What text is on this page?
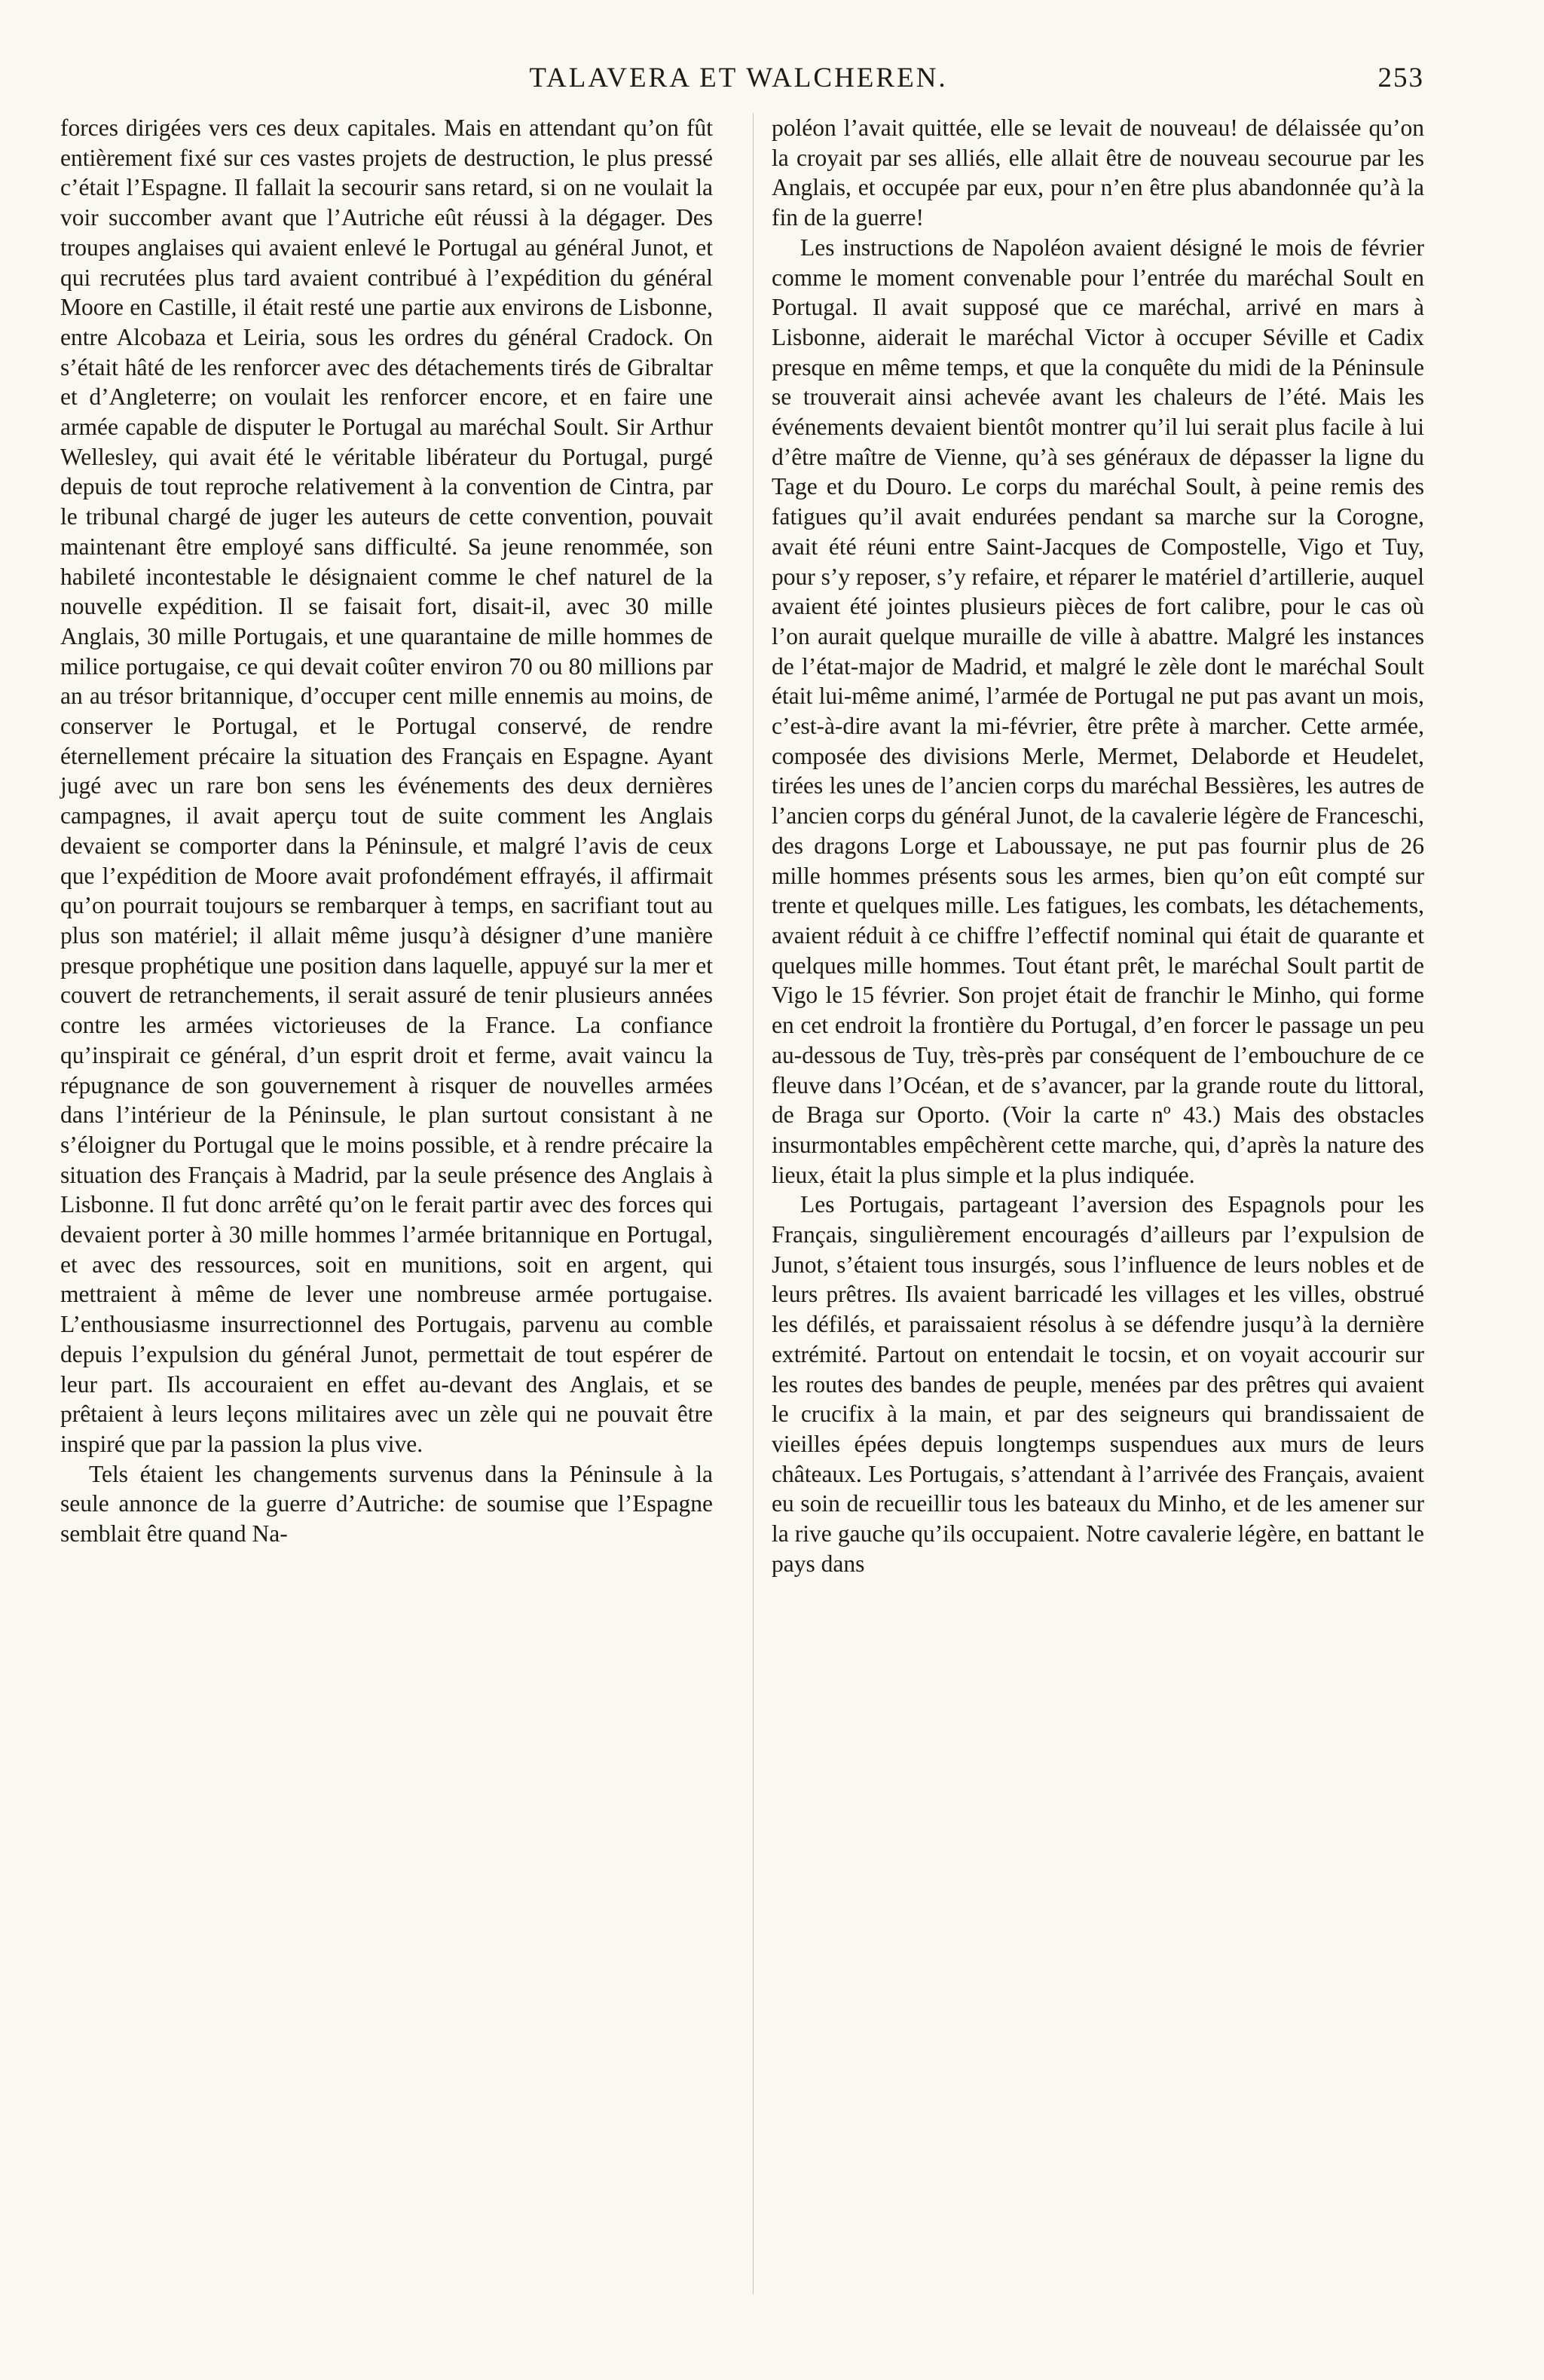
TALAVERA ET WALCHEREN.	253

forces dirigées vers ces deux capitales. Mais en attendant qu’on fût entièrement fixé sur ces vastes projets de destruction, le plus pressé c’était l’Espagne. Il fallait la secourir sans retard, si on ne voulait la voir succomber avant que l’Autriche eût réussi à la dégager. Des troupes anglaises qui avaient enlevé le Portugal au général Junot, et qui recrutées plus tard avaient contribué à l’expédition du général Moore en Castille, il était resté une partie aux environs de Lisbonne, entre Alcobaza et Leiria, sous les ordres du général Cradock. On s’était hâté de les renforcer avec des détachements tirés de Gibraltar et d’Angleterre; on voulait les renforcer encore, et en faire une armée capable de disputer le Portugal au maréchal Soult. Sir Arthur Wellesley, qui avait été le véritable libérateur du Portugal, purgé depuis de tout reproche relativement à la convention de Cintra, par le tribunal chargé de juger les auteurs de cette convention, pouvait maintenant être employé sans difficulté. Sa jeune renommée, son habileté incontestable le désignaient comme le chef naturel de la nouvelle expédition. Il se faisait fort, disait-il, avec 30 mille Anglais, 30 mille Portugais, et une quarantaine de mille hommes de milice portugaise, ce qui devait coûter environ 70 ou 80 millions par an au trésor britannique, d’occuper cent mille ennemis au moins, de conserver le Portugal, et le Portugal conservé, de rendre éternellement précaire la situation des Français en Espagne. Ayant jugé avec un rare bon sens les événements des deux dernières campagnes, il avait aperçu tout de suite comment les Anglais devaient se comporter dans la Péninsule, et malgré l’avis de ceux que l’expédition de Moore avait profondément effrayés, il affirmait qu’on pourrait toujours se rembarquer à temps, en sacrifiant tout au plus son matériel; il allait même jusqu’à désigner d’une manière presque prophétique une position dans laquelle, appuyé sur la mer et couvert de retranchements, il serait assuré de tenir plusieurs années contre les armées victorieuses de la France. La confiance qu’inspirait ce général, d’un esprit droit et ferme, avait vaincu la répugnance de son gouvernement à risquer de nouvelles armées dans l’intérieur de la Péninsule, le plan surtout consistant à ne s’éloigner du Portugal que le moins possible, et à rendre précaire la situation des Français à Madrid, par la seule présence des Anglais à Lisbonne. Il fut donc arrêté qu’on le ferait partir avec des forces qui devaient porter à 30 mille hommes l’armée britannique en Portugal, et avec des ressources, soit en munitions, soit en argent, qui mettraient à même de lever une nombreuse armée portugaise. L’enthousiasme insurrectionnel des Portugais, parvenu au comble depuis l’expulsion du général Junot, permettait de tout espérer de leur part. Ils accouraient en effet au-devant des Anglais, et se prêtaient à leurs leçons militaires avec un zèle qui ne pouvait être inspiré que par la passion la plus vive.

Tels étaient les changements survenus dans la Péninsule à la seule annonce de la guerre d’Autriche: de soumise que l’Espagne semblait être quand Na-

poléon l’avait quittée, elle se levait de nouveau! de délaissée qu’on la croyait par ses alliés, elle allait être de nouveau secourue par les Anglais, et occupée par eux, pour n’en être plus abandonnée qu’à la fin de la guerre!

Les instructions de Napoléon avaient désigné le mois de février comme le moment convenable pour l’entrée du maréchal Soult en Portugal. Il avait supposé que ce maréchal, arrivé en mars à Lisbonne, aiderait le maréchal Victor à occuper Séville et Cadix presque en même temps, et que la conquête du midi de la Péninsule se trouverait ainsi achevée avant les chaleurs de l’été. Mais les événements devaient bientôt montrer qu’il lui serait plus facile à lui d’être maître de Vienne, qu’à ses généraux de dépasser la ligne du Tage et du Douro. Le corps du maréchal Soult, à peine remis des fatigues qu’il avait endurées pendant sa marche sur la Corogne, avait été réuni entre Saint-Jacques de Compostelle, Vigo et Tuy, pour s’y reposer, s’y refaire, et réparer le matériel d’artillerie, auquel avaient été jointes plusieurs pièces de fort calibre, pour le cas où l’on aurait quelque muraille de ville à abattre. Malgré les instances de l’état-major de Madrid, et malgré le zèle dont le maréchal Soult était lui-même animé, l’armée de Portugal ne put pas avant un mois, c’est-à-dire avant la mi-février, être prête à marcher. Cette armée, composée des divisions Merle, Mermet, Delaborde et Heudelet, tirées les unes de l’ancien corps du maréchal Bessières, les autres de l’ancien corps du général Junot, de la cavalerie légère de Franceschi, des dragons Lorge et Laboussaye, ne put pas fournir plus de 26 mille hommes présents sous les armes, bien qu’on eût compté sur trente et quelques mille. Les fatigues, les combats, les détachements, avaient réduit à ce chiffre l’effectif nominal qui était de quarante et quelques mille hommes. Tout étant prêt, le maréchal Soult partit de Vigo le 15 février. Son projet était de franchir le Minho, qui forme en cet endroit la frontière du Portugal, d’en forcer le passage un peu au-dessous de Tuy, très-près par conséquent de l’embouchure de ce fleuve dans l’Océan, et de s’avancer, par la grande route du littoral, de Braga sur Oporto. (Voir la carte nº 43.) Mais des obstacles insurmontables empêchèrent cette marche, qui, d’après la nature des lieux, était la plus simple et la plus indiquée.

Les Portugais, partageant l’aversion des Espagnols pour les Français, singulièrement encouragés d’ailleurs par l’expulsion de Junot, s’étaient tous insurgés, sous l’influence de leurs nobles et de leurs prêtres. Ils avaient barricadé les villages et les villes, obstrué les défilés, et paraissaient résolus à se défendre jusqu’à la dernière extrémité. Partout on entendait le tocsin, et on voyait accourir sur les routes des bandes de peuple, menées par des prêtres qui avaient le crucifix à la main, et par des seigneurs qui brandissaient de vieilles épées depuis longtemps suspendues aux murs de leurs châteaux. Les Portugais, s’attendant à l’arrivée des Français, avaient eu soin de recueillir tous les bateaux du Minho, et de les amener sur la rive gauche qu’ils occupaient. Notre cavalerie légère, en battant le pays dans
